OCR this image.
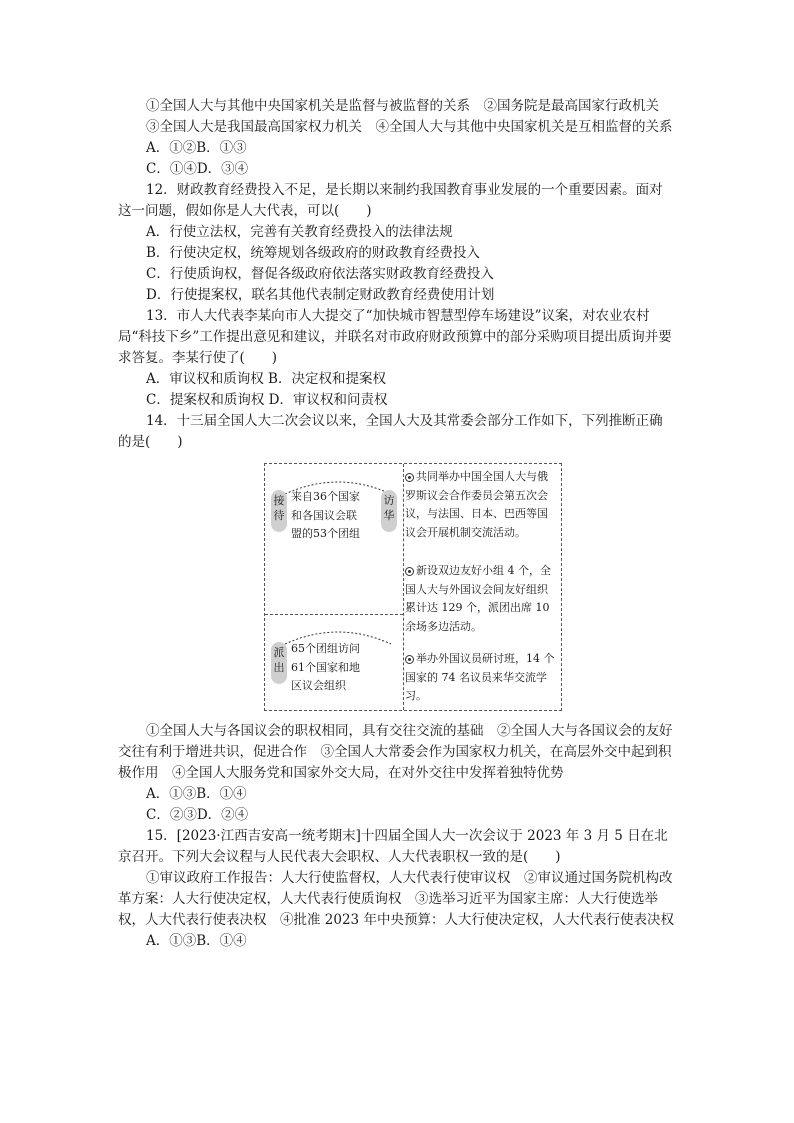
①全国人大与其他中央国家机关是监督与被监督的关系　②国务院是最高国家行政机关

③全国人大是我国最高国家权力机关　④全国人大与其他中央国家机关是互相监督的关系

A．①②B．①③

C．①④D．③④

12．财政教育经费投入不足，是长期以来制约我国教育事业发展的一个重要因素。面对这一问题，假如你是人大代表，可以(　　)

A．行使立法权，完善有关教育经费投入的法律法规

B．行使决定权，统筹规划各级政府的财政教育经费投入

C．行使质询权，督促各级政府依法落实财政教育经费投入

D．行使提案权，联名其他代表制定财政教育经费使用计划

13．市人大代表李某向市人大提交了“加快城市智慧型停车场建设”议案，对农业农村局“科技下乡”工作提出意见和建议，并联名对市政府财政预算中的部分采购项目提出质询并要求答复。李某行使了(　　)

A．审议权和质询权 B．决定权和提案权

C．提案权和质询权 D．审议权和问责权

14．十三届全国人大二次会议以来，全国人大及其常委会部分工作如下，下列推断正确的是(　　)

接
待
访
华
来自36个国家和各国议会联盟的53个团组
派
出
65个团组访问61个国家和地区议会组织
共同举办中国全国人大与俄罗斯议会合作委员会第五次会议，与法国、日本、巴西等国议会开展机制交流活动。
新设双边友好小组 4 个，全国人大与外国议会间友好组织累计达 129 个，派团出席 10 余场多边活动。
举办外国议员研讨班，14 个国家的 74 名议员来华交流学习。

①全国人大与各国议会的职权相同，具有交往交流的基础　②全国人大与各国议会的友好交往有利于增进共识，促进合作　③全国人大常委会作为国家权力机关，在高层外交中起到积极作用　④全国人大服务党和国家外交大局，在对外交往中发挥着独特优势

A．①③B．①④

C．②③D．②④

15．[2023·江西吉安高一统考期末]十四届全国人大一次会议于 2023 年 3 月 5 日在北京召开。下列大会议程与人民代表大会职权、人大代表职权一致的是(　　)

①审议政府工作报告：人大行使监督权，人大代表行使审议权　②审议通过国务院机构改革方案：人大行使决定权，人大代表行使质询权　③选举习近平为国家主席：人大行使选举权，人大代表行使表决权　④批准 2023 年中央预算：人大行使决定权，人大代表行使表决权

A．①③B．①④
